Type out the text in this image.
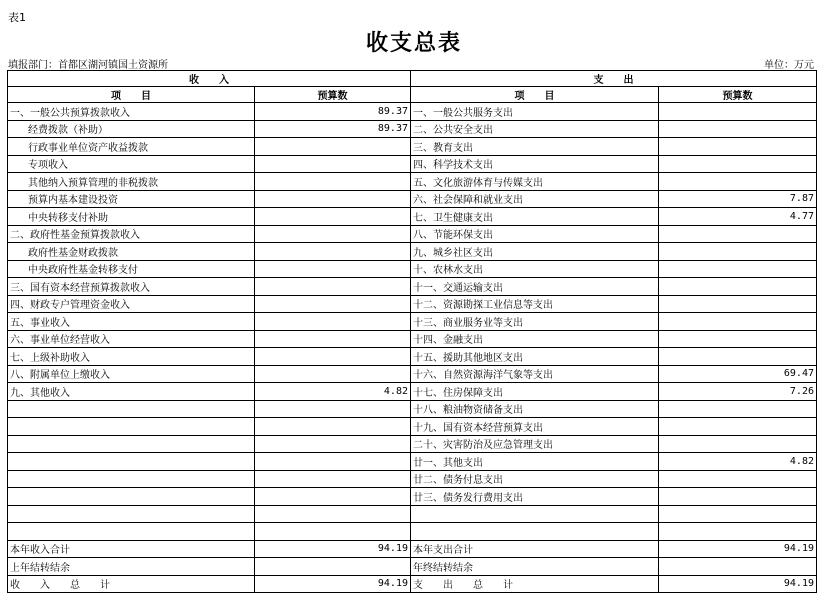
表1
收支总表
填报部门：首都区湖河镇国土资源所	单位：万元
收　　入		支　　出	
项　　目	预算数	项　　目	预算数
一、一般公共预算拨款收入	89.37	一、一般公共服务支出	
经费拨款（补助）	89.37	二、公共安全支出	
行政事业单位资产收益拨款		三、教育支出	
专项收入		四、科学技术支出	
其他纳入预算管理的非税拨款		五、文化旅游体育与传媒支出	
预算内基本建设投资		六、社会保障和就业支出	7.87
中央转移支付补助		七、卫生健康支出	4.77
二、政府性基金预算拨款收入		八、节能环保支出	
政府性基金财政拨款		九、城乡社区支出	
中央政府性基金转移支付		十、农林水支出	
三、国有资本经营预算拨款收入		十一、交通运输支出	
四、财政专户管理资金收入		十二、资源勘探工业信息等支出	
五、事业收入		十三、商业服务业等支出	
六、事业单位经营收入		十四、金融支出	
七、上级补助收入		十五、援助其他地区支出	
八、附属单位上缴收入		十六、自然资源海洋气象等支出	69.47
九、其他收入	4.82	十七、住房保障支出	7.26
		十八、粮油物资储备支出	
		十九、国有资本经营预算支出	
		二十、灾害防治及应急管理支出	
		廿一、其他支出	4.82
		廿二、债务付息支出	
		廿三、债务发行费用支出	

本年收入合计	94.19	本年支出合计	94.19
上年结转结余		年终结转结余	
收　　入　　总　　计	94.19	支　　出　　总　　计	94.19
